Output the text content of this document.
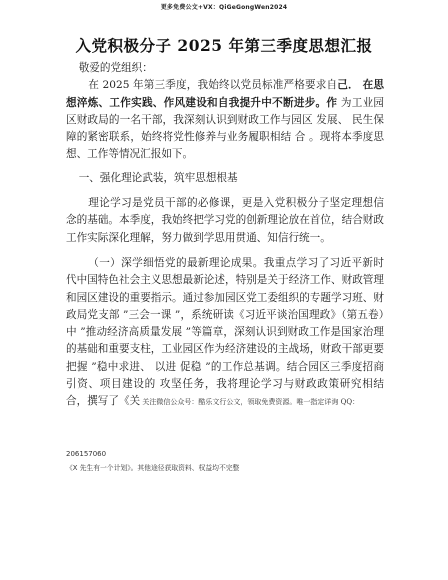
更多免费公文+VX：QiGeGongWen2024
入党积极分子 2025 年第三季度思想汇报

敬爱的党组织：

在 2025 年第三季度，我始终以党员标准严格要求自己． 在思想淬炼、工作实践、作风建设和自我提升中不断进步。作 为工业园区财政局的一名干部，我深刻认识到财政工作与园区 发展、 民生保障的紧密联系，始终将党性修养与业务履职相结 合 。现将本季度思想、工作等情况汇报如下。

一、强化理论武装，筑牢思想根基

理论学习是党员干部的必修课，更是入党积极分子坚定理想信念的基础。本季度，我始终把学习党的创新理论放在首位，结合财政工作实际深化理解，努力做到学思用贯通、知信行统一。

（一）深学细悟党的最新理论成果。我重点学习了习近平新时代中国特色社会主义思想最新论述，特别是关于经济工作、财政管理和园区建设的重要指示。通过参加园区党工委组织的专题学习班、财政局党支部 ”三会一课 ”，系统研读《习近平谈治国理政》（第五卷）中 ”推动经济高质量发展 ”等篇章，深刻认识到财政工作是国家治理的基础和重要支柱，工业园区作为经济建设的主战场，财政干部更要把握 ”稳中求进、 以进 促稳 ”的工作总基调。结合园区三季度招商引资、项目建设的 攻坚任务，我将理论学习与财政政策研究相结合，撰写了《关 关注微信公众号：酷乐文行公文，领取免费资源。唯一指定详询 QQ：

206157060
《X 先生有一个计划》。其他途径获取资料、权益均不完整
